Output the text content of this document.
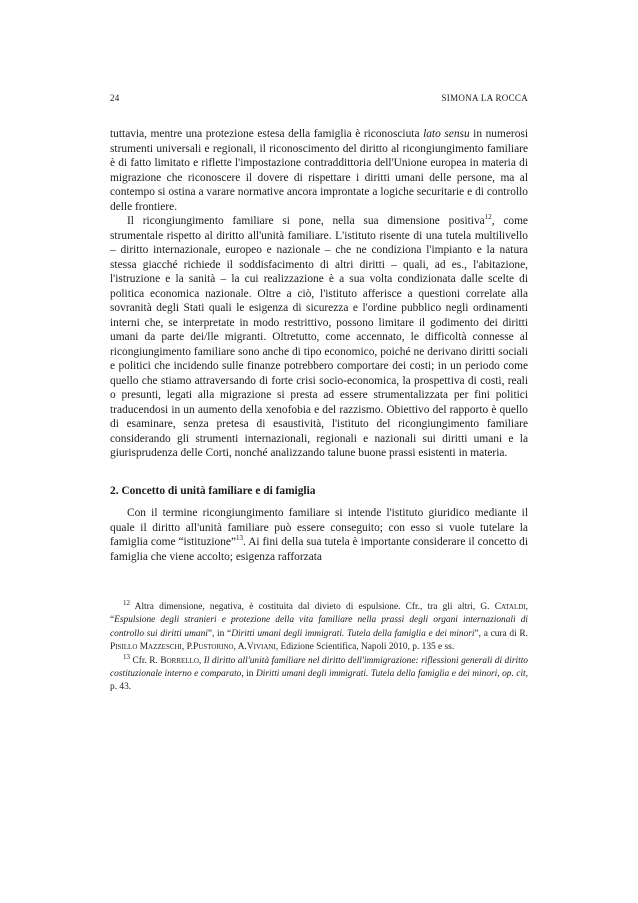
24	SIMONA LA ROCCA

tuttavia, mentre una protezione estesa della famiglia è riconosciuta lato sensu in numerosi strumenti universali e regionali, il riconoscimento del diritto al ricongiungimento familiare è di fatto limitato e riflette l'impostazione contraddittoria dell'Unione europea in materia di migrazione che riconoscere il dovere di rispettare i diritti umani delle persone, ma al contempo si ostina a varare normative ancora improntate a logiche securitarie e di controllo delle frontiere.

Il ricongiungimento familiare si pone, nella sua dimensione positiva$^{12}$, come strumentale rispetto al diritto all'unità familiare. L'istituto risente di una tutela multilivello – diritto internazionale, europeo e nazionale – che ne condiziona l'impianto e la natura stessa giacché richiede il soddisfacimento di altri diritti – quali, ad es., l'abitazione, l'istruzione e la sanità – la cui realizzazione è a sua volta condizionata dalle scelte di politica economica nazionale. Oltre a ciò, l'istituto afferisce a questioni correlate alla sovranità degli Stati quali le esigenza di sicurezza e l'ordine pubblico negli ordinamenti interni che, se interpretate in modo restrittivo, possono limitare il godimento dei diritti umani da parte dei/lle migranti. Oltretutto, come accennato, le difficoltà connesse al ricongiungimento familiare sono anche di tipo economico, poiché ne derivano diritti sociali e politici che incidendo sulle finanze potrebbero comportare dei costi; in un periodo come quello che stiamo attraversando di forte crisi socio-economica, la prospettiva di costi, reali o presunti, legati alla migrazione si presta ad essere strumentalizzata per fini politici traducendosi in un aumento della xenofobia e del razzismo. Obiettivo del rapporto è quello di esaminare, senza pretesa di esaustività, l'istituto del ricongiungimento familiare considerando gli strumenti internazionali, regionali e nazionali sui diritti umani e la giurisprudenza delle Corti, nonché analizzando talune buone prassi esistenti in materia.

2. Concetto di unità familiare e di famiglia

Con il termine ricongiungimento familiare si intende l'istituto giuridico mediante il quale il diritto all'unità familiare può essere conseguito; con esso si vuole tutelare la famiglia come “istituzione”$^{13}$. Ai fini della sua tutela è importante considerare il concetto di famiglia che viene accolto; esigenza rafforzata

$^{12}$ Altra dimensione, negativa, è costituita dal divieto di espulsione. Cfr., tra gli altri, G. Cataldi, “Espulsione degli stranieri e protezione della vita familiare nella prassi degli organi internazionali di controllo sui diritti umani”, in “Diritti umani degli immigrati. Tutela della famiglia e dei minori”, a cura di R. Pisillo Mazzeschi, P.Pustorino, A.Viviani, Edizione Scientifica, Napoli 2010, p. 135 e ss.

$^{13}$ Cfr. R. Borrello, Il diritto all'unità familiare nel diritto dell'immigrazione: riflessioni generali di diritto costituzionale interno e comparato, in Diritti umani degli immigrati. Tutela della famiglia e dei minori, op. cit, p. 43.
